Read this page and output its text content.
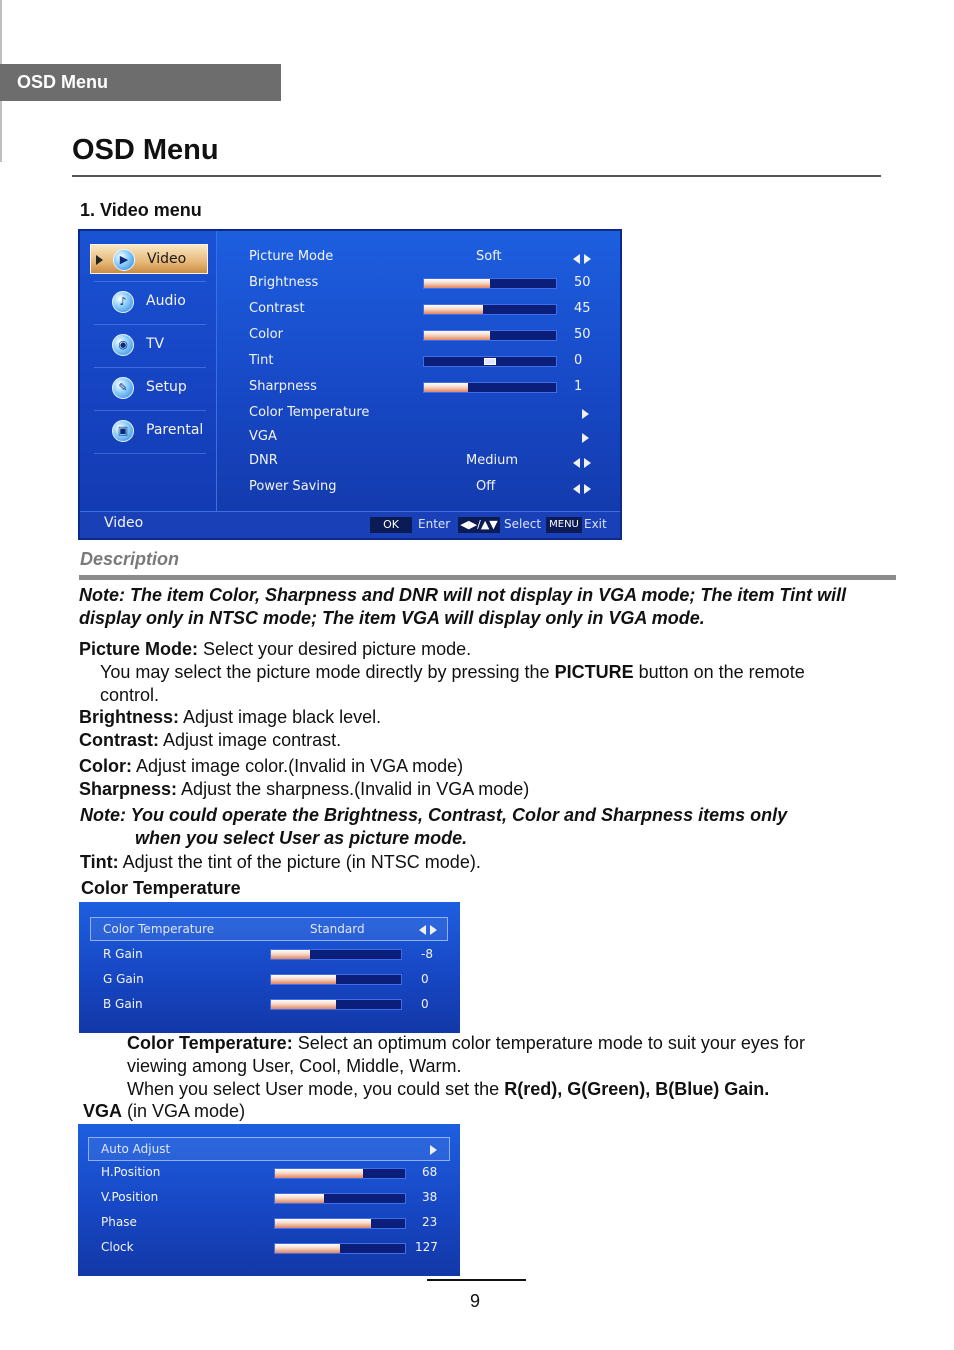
OSD Menu
OSD Menu
1. Video menu
▶	Video
♪	Audio
◉	TV
✎	Setup
▣	Parental
Picture Mode	Soft
Brightness	50
Contrast	45
Color	50
Tint	0
Sharpness	1
Color Temperature
VGA
DNR	Medium
Power Saving	Off
Video	OK	Enter ◀▶/▲▼ Select MENU Exit
Description
Note: The item Color, Sharpness and DNR will not display in VGA mode; The item Tint will display only in NTSC mode; The item VGA will display only in VGA mode.
Picture Mode: Select your desired picture mode.
You may select the picture mode directly by pressing the PICTURE button on the remote
control.
Brightness: Adjust image black level.
Contrast: Adjust image contrast.
Color: Adjust image color.(Invalid in VGA mode)
Sharpness: Adjust the sharpness.(Invalid in VGA mode)
Note: You could operate the Brightness, Contrast, Color and Sharpness items only
when you select User as picture mode.
Tint: Adjust the tint of the picture (in NTSC mode).
Color Temperature
Color Temperature	Standard
R Gain	-8
G Gain	0
B Gain	0
Color Temperature: Select an optimum color temperature mode to suit your eyes for
viewing among User, Cool, Middle, Warm.
When you select User mode, you could set the R(red), G(Green), B(Blue) Gain.
VGA (in VGA mode)
Auto Adjust
H.Position	68
V.Position	38
Phase	23
Clock	127
9
